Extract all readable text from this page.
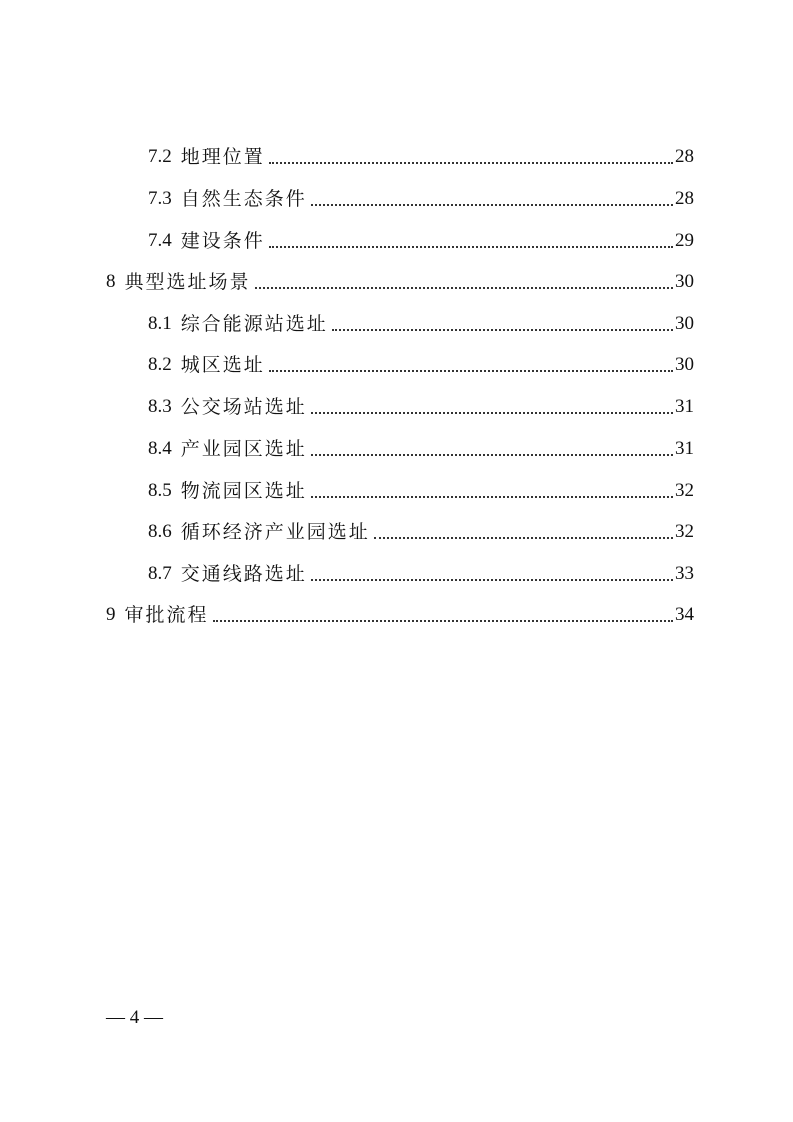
7.2 地理位置	28
7.3 自然生态条件	28
7.4 建设条件	29
8 典型选址场景	30
8.1 综合能源站选址	30
8.2 城区选址	30
8.3 公交场站选址	31
8.4 产业园区选址	31
8.5 物流园区选址	32
8.6 循环经济产业园选址	32
8.7 交通线路选址	33
9 审批流程	34
— 4 —
